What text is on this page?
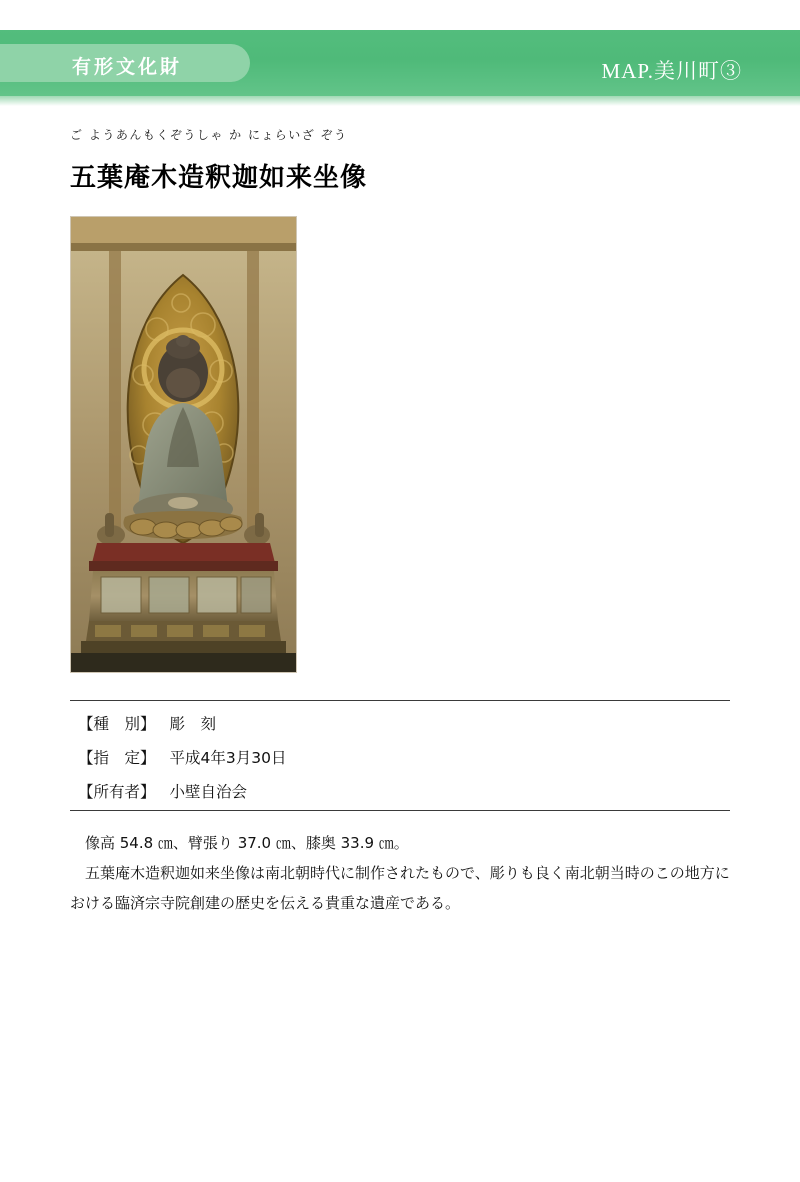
有形文化財	MAP.美川町③
ご ようあんもくぞうしゃ か にょらいざ ぞう
五葉庵木造釈迦如来坐像
【種　別】 彫　刻
【指　定】 平成4年3月30日
【所有者】 小壁自治会

像高 54.8 ㎝、臂張り 37.0 ㎝、膝奥 33.9 ㎝。

五葉庵木造釈迦如来坐像は南北朝時代に制作されたもので、彫りも良く南北朝当時のこの地方における臨済宗寺院創建の歴史を伝える貴重な遺産である。
